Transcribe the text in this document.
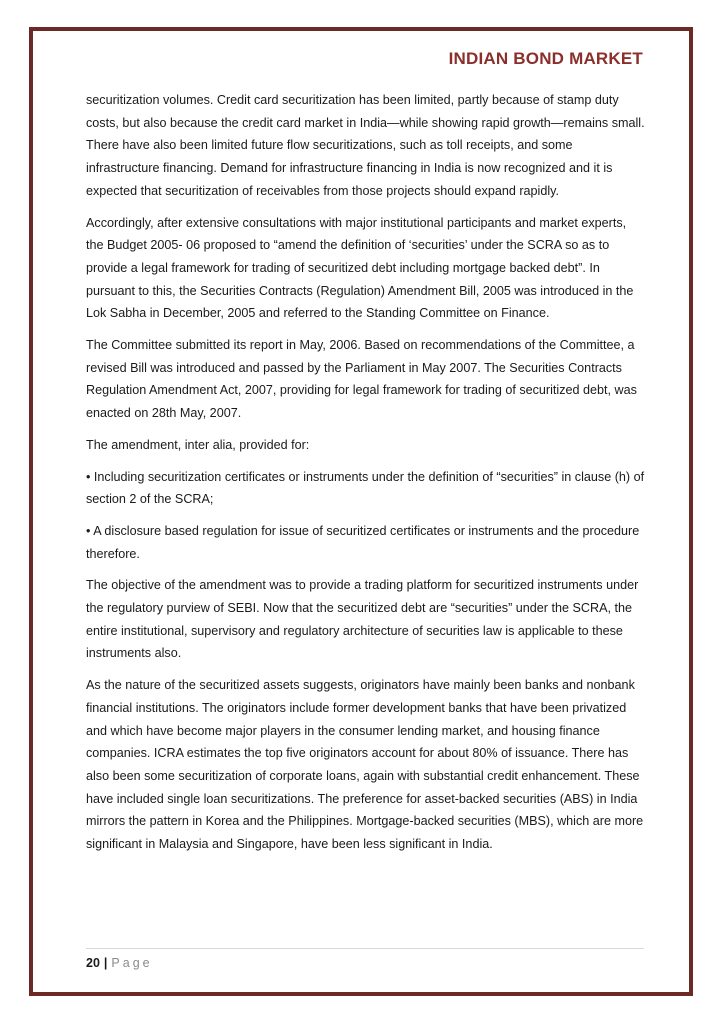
INDIAN BOND MARKET

securitization volumes. Credit card securitization has been limited, partly because of stamp duty costs, but also because the credit card market in India—while showing rapid growth—remains small. There have also been limited future flow securitizations, such as toll receipts, and some infrastructure financing. Demand for infrastructure financing in India is now recognized and it is expected that securitization of receivables from those projects should expand rapidly.

Accordingly, after extensive consultations with major institutional participants and market experts, the Budget 2005- 06 proposed to “amend the definition of ‘securities’ under the SCRA so as to provide a legal framework for trading of securitized debt including mortgage backed debt”. In pursuant to this, the Securities Contracts (Regulation) Amendment Bill, 2005 was introduced in the Lok Sabha in December, 2005 and referred to the Standing Committee on Finance.

The Committee submitted its report in May, 2006. Based on recommendations of the Committee, a revised Bill was introduced and passed by the Parliament in May 2007. The Securities Contracts Regulation Amendment Act, 2007, providing for legal framework for trading of securitized debt, was enacted on 28th May, 2007.

The amendment, inter alia, provided for:

• Including securitization certificates or instruments under the definition of “securities” in clause (h) of section 2 of the SCRA;

• A disclosure based regulation for issue of securitized certificates or instruments and the procedure therefore.

The objective of the amendment was to provide a trading platform for securitized instruments under the regulatory purview of SEBI. Now that the securitized debt are “securities” under the SCRA, the entire institutional, supervisory and regulatory architecture of securities law is applicable to these instruments also.

As the nature of the securitized assets suggests, originators have mainly been banks and nonbank financial institutions. The originators include former development banks that have been privatized and which have become major players in the consumer lending market, and housing finance companies. ICRA estimates the top five originators account for about 80% of issuance. There has also been some securitization of corporate loans, again with substantial credit enhancement. These have included single loan securitizations. The preference for asset-backed securities (ABS) in India mirrors the pattern in Korea and the Philippines. Mortgage-backed securities (MBS), which are more significant in Malaysia and Singapore, have been less significant in India.

20 | Page
